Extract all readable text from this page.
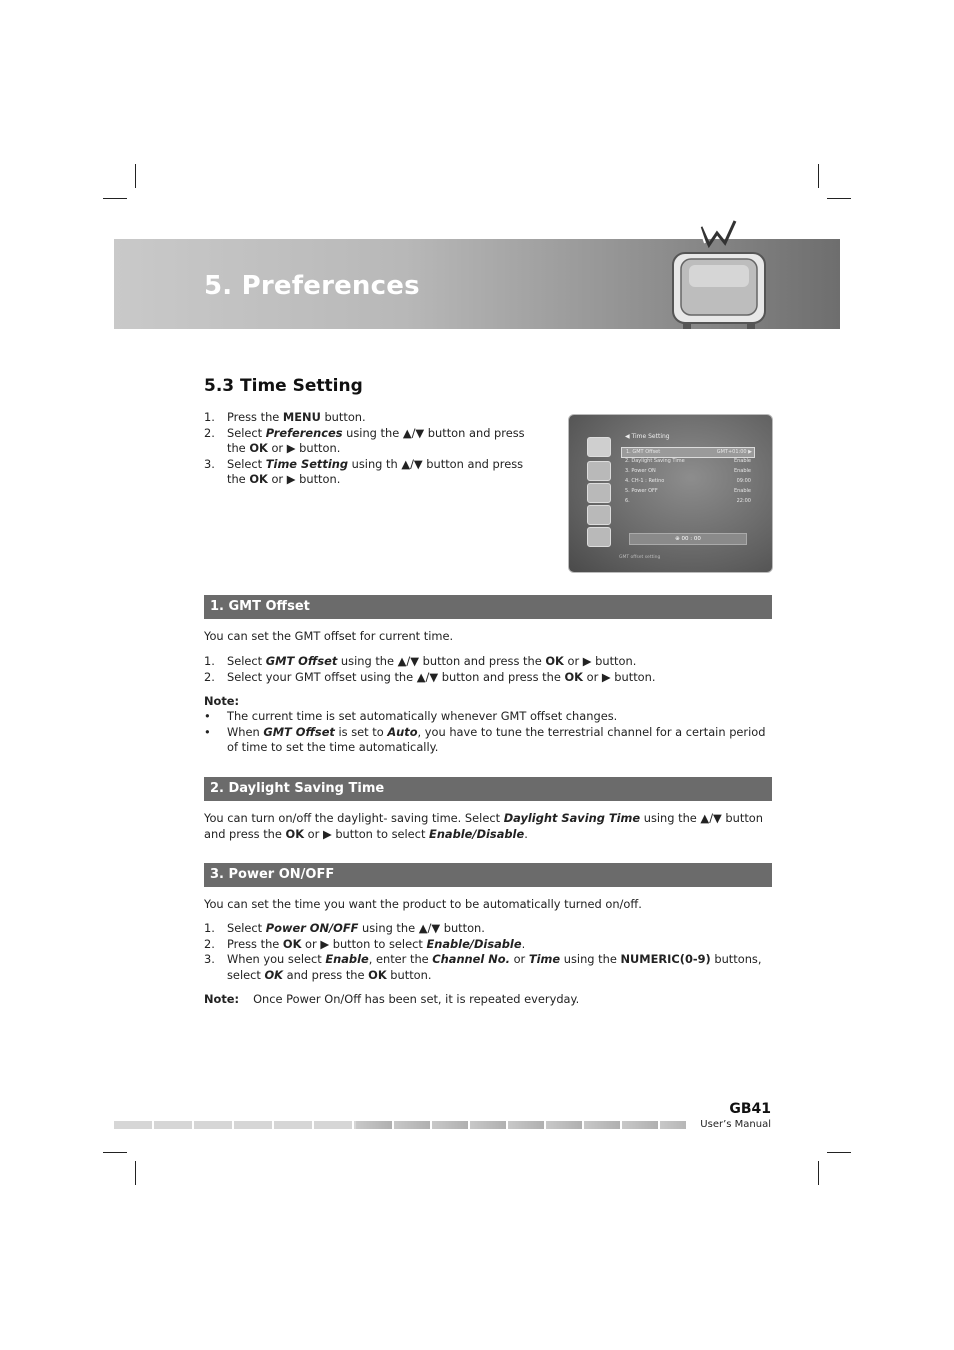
5. Preferences
5.3 Time Setting
1. Press the MENU button.
2. Select Preferences using the ▲/▼ button and press the OK or ▶ button.
3. Select Time Setting using th ▲/▼ button and press the OK or ▶ button.
◀ Time Setting
1. GMT Offset	GMT+01:00 ▶
2. Daylight Saving Time	Enable
3. Power ON	Enable
4. CH-1 : Retino	09:00
5. Power OFF	Enable
6.	22:00
⊕ 00 : 00
GMT offset setting
1. GMT Offset
You can set the GMT offset for current time.
1. Select GMT Offset using the ▲/▼ button and press the OK or ▶ button.
2. Select your GMT offset using the ▲/▼ button and press the OK or ▶ button.
Note:
• The current time is set automatically whenever GMT offset changes.
• When GMT Offset is set to Auto, you have to tune the terrestrial channel for a certain period of time to set the time automatically.
2. Daylight Saving Time
You can turn on/off the daylight- saving time. Select Daylight Saving Time using the ▲/▼ button and press the OK or ▶ button to select Enable/Disable.
3. Power ON/OFF
You can set the time you want the product to be automatically turned on/off.
1. Select Power ON/OFF using the ▲/▼ button.
2. Press the OK or ▶ button to select Enable/Disable.
3. When you select Enable, enter the Channel No. or Time using the NUMERIC(0-9) buttons, select OK and press the OK button.
Note: Once Power On/Off has been set, it is repeated everyday.
GB41
User’s Manual
